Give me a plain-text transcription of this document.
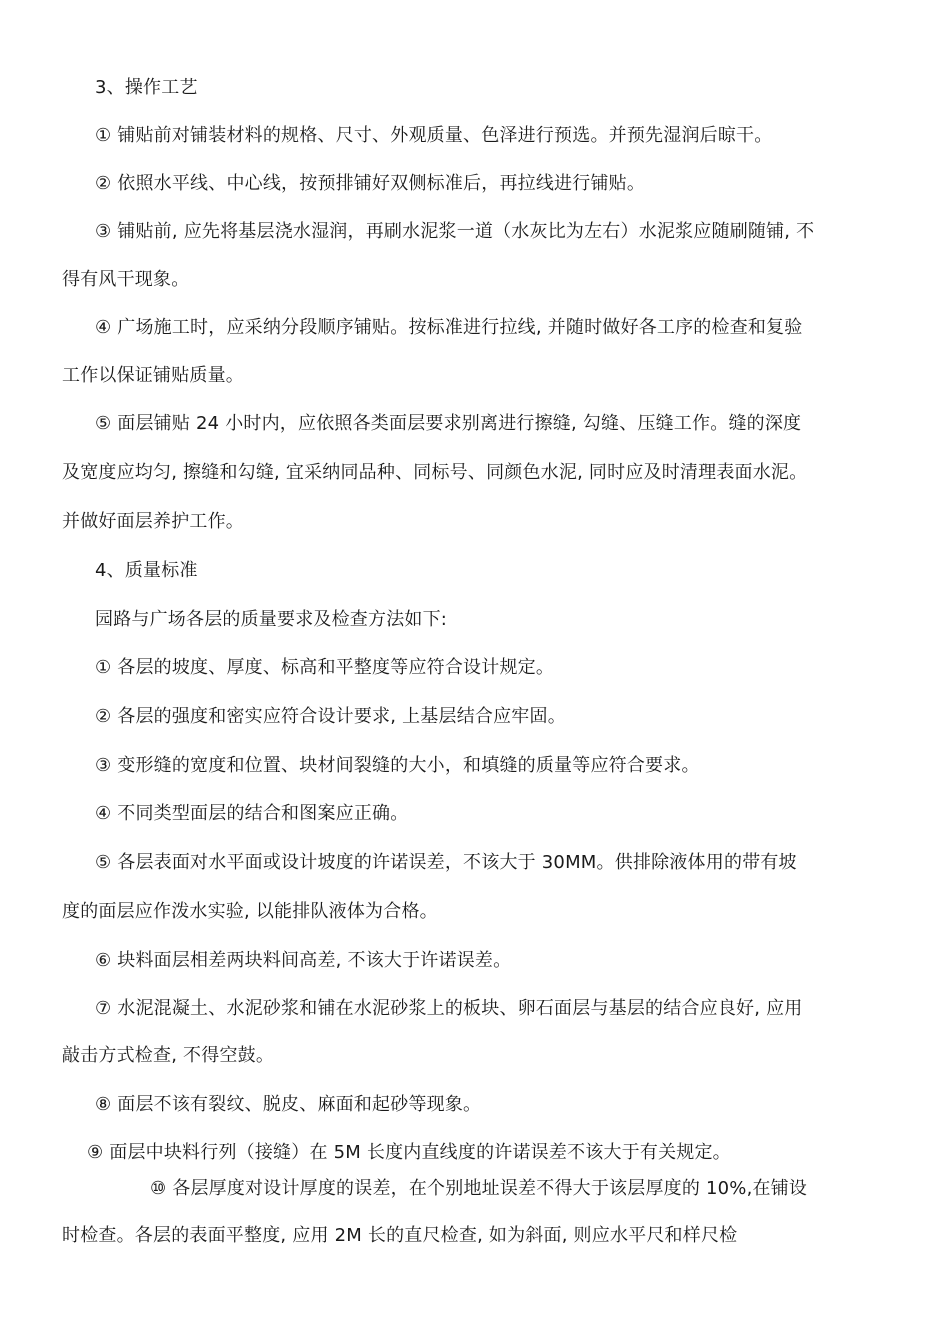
3、操作工艺

① 铺贴前对铺装材料的规格、尺寸、外观质量、色泽进行预选。并预先湿润后晾干。

② 依照水平线、中心线，按预排铺好双侧标准后，再拉线进行铺贴。

③ 铺贴前, 应先将基层浇水湿润，再刷水泥浆一道（水灰比为左右）水泥浆应随刷随铺, 不

得有风干现象。

④ 广场施工时，应采纳分段顺序铺贴。按标准进行拉线, 并随时做好各工序的检查和复验

工作以保证铺贴质量。

⑤ 面层铺贴 24 小时内，应依照各类面层要求别离进行擦缝, 勾缝、压缝工作。缝的深度

及宽度应均匀, 擦缝和勾缝, 宜采纳同品种、同标号、同颜色水泥, 同时应及时清理表面水泥。

并做好面层养护工作。

4、质量标准

园路与广场各层的质量要求及检查方法如下:

① 各层的坡度、厚度、标高和平整度等应符合设计规定。

② 各层的强度和密实应符合设计要求, 上基层结合应牢固。

③ 变形缝的宽度和位置、块材间裂缝的大小，和填缝的质量等应符合要求。

④ 不同类型面层的结合和图案应正确。

⑤ 各层表面对水平面或设计坡度的许诺误差，不该大于 30MM。供排除液体用的带有坡

度的面层应作泼水实验, 以能排队液体为合格。

⑥ 块料面层相差两块料间高差, 不该大于许诺误差。

⑦ 水泥混凝土、水泥砂浆和铺在水泥砂浆上的板块、卵石面层与基层的结合应良好, 应用

敲击方式检查, 不得空鼓。

⑧ 面层不该有裂纹、脱皮、麻面和起砂等现象。

⑨ 面层中块料行列（接缝）在 5M 长度内直线度的许诺误差不该大于有关规定。

⑩ 各层厚度对设计厚度的误差，在个别地址误差不得大于该层厚度的 10%,在铺设

时检查。各层的表面平整度, 应用 2M 长的直尺检查, 如为斜面, 则应水平尺和样尺检
